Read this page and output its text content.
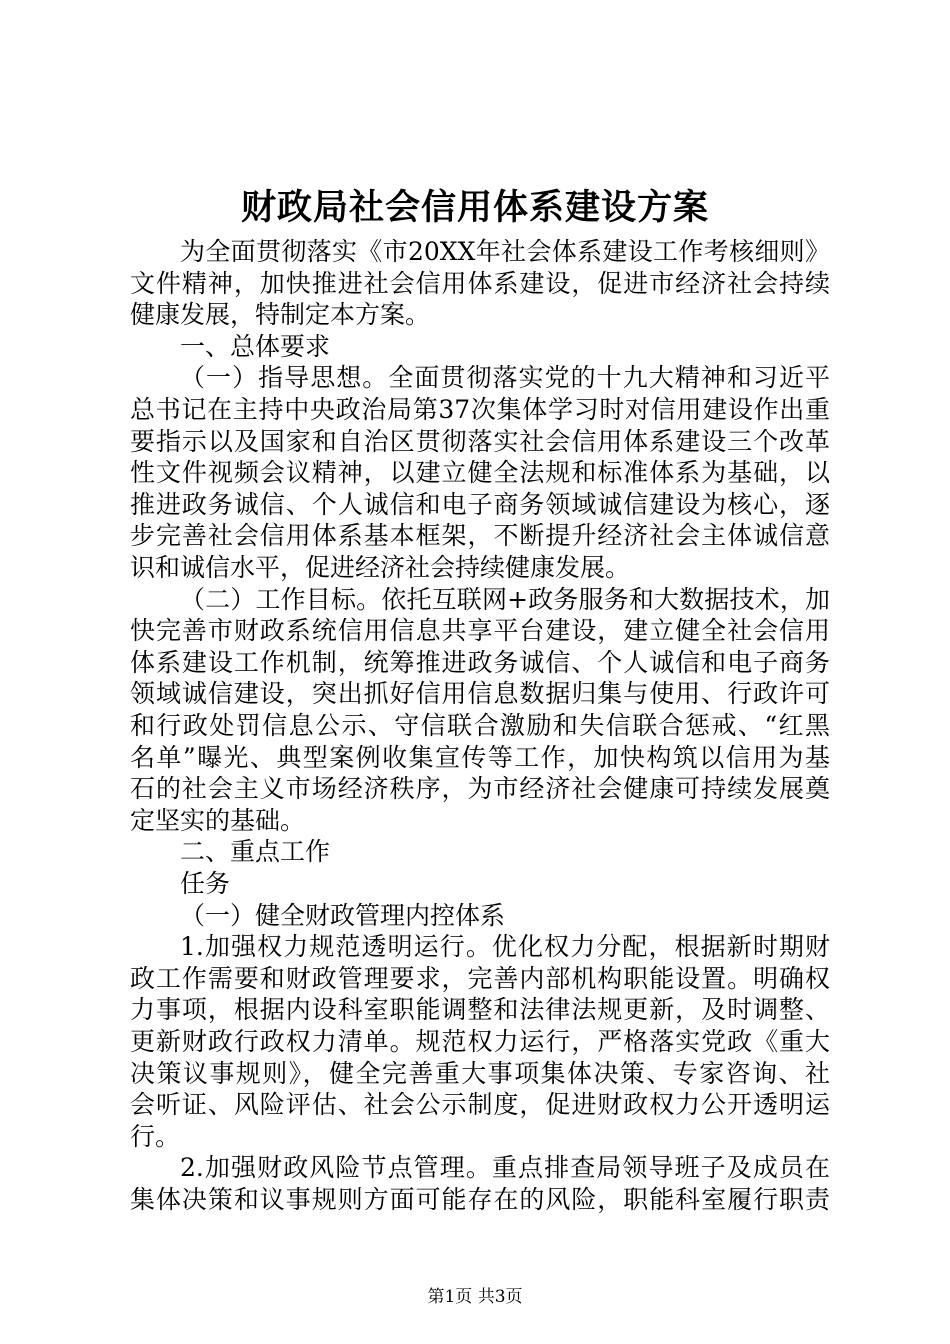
财政局社会信用体系建设方案
为全面贯彻落实《市20XX年社会体系建设工作考核细则》
文件精神，加快推进社会信用体系建设，促进市经济社会持续
健康发展，特制定本方案。
一、总体要求
（一）指导思想。全面贯彻落实党的十九大精神和习近平
总书记在主持中央政治局第37次集体学习时对信用建设作出重
要指示以及国家和自治区贯彻落实社会信用体系建设三个改革
性文件视频会议精神，以建立健全法规和标准体系为基础，以
推进政务诚信、个人诚信和电子商务领域诚信建设为核心，逐
步完善社会信用体系基本框架，不断提升经济社会主体诚信意
识和诚信水平，促进经济社会持续健康发展。
（二）工作目标。依托互联网+政务服务和大数据技术，加
快完善市财政系统信用信息共享平台建设，建立健全社会信用
体系建设工作机制，统筹推进政务诚信、个人诚信和电子商务
领域诚信建设，突出抓好信用信息数据归集与使用、行政许可
和行政处罚信息公示、守信联合激励和失信联合惩戒、“红黑
名单”曝光、典型案例收集宣传等工作，加快构筑以信用为基
石的社会主义市场经济秩序，为市经济社会健康可持续发展奠
定坚实的基础。
二、重点工作
任务
（一）健全财政管理内控体系
1.加强权力规范透明运行。优化权力分配，根据新时期财
政工作需要和财政管理要求，完善内部机构职能设置。明确权
力事项，根据内设科室职能调整和法律法规更新，及时调整、
更新财政行政权力清单。规范权力运行，严格落实党政《重大
决策议事规则》，健全完善重大事项集体决策、专家咨询、社
会听证、风险评估、社会公示制度，促进财政权力公开透明运
行。
2.加强财政风险节点管理。重点排查局领导班子及成员在
集体决策和议事规则方面可能存在的风险，职能科室履行职责
第1页 共3页
